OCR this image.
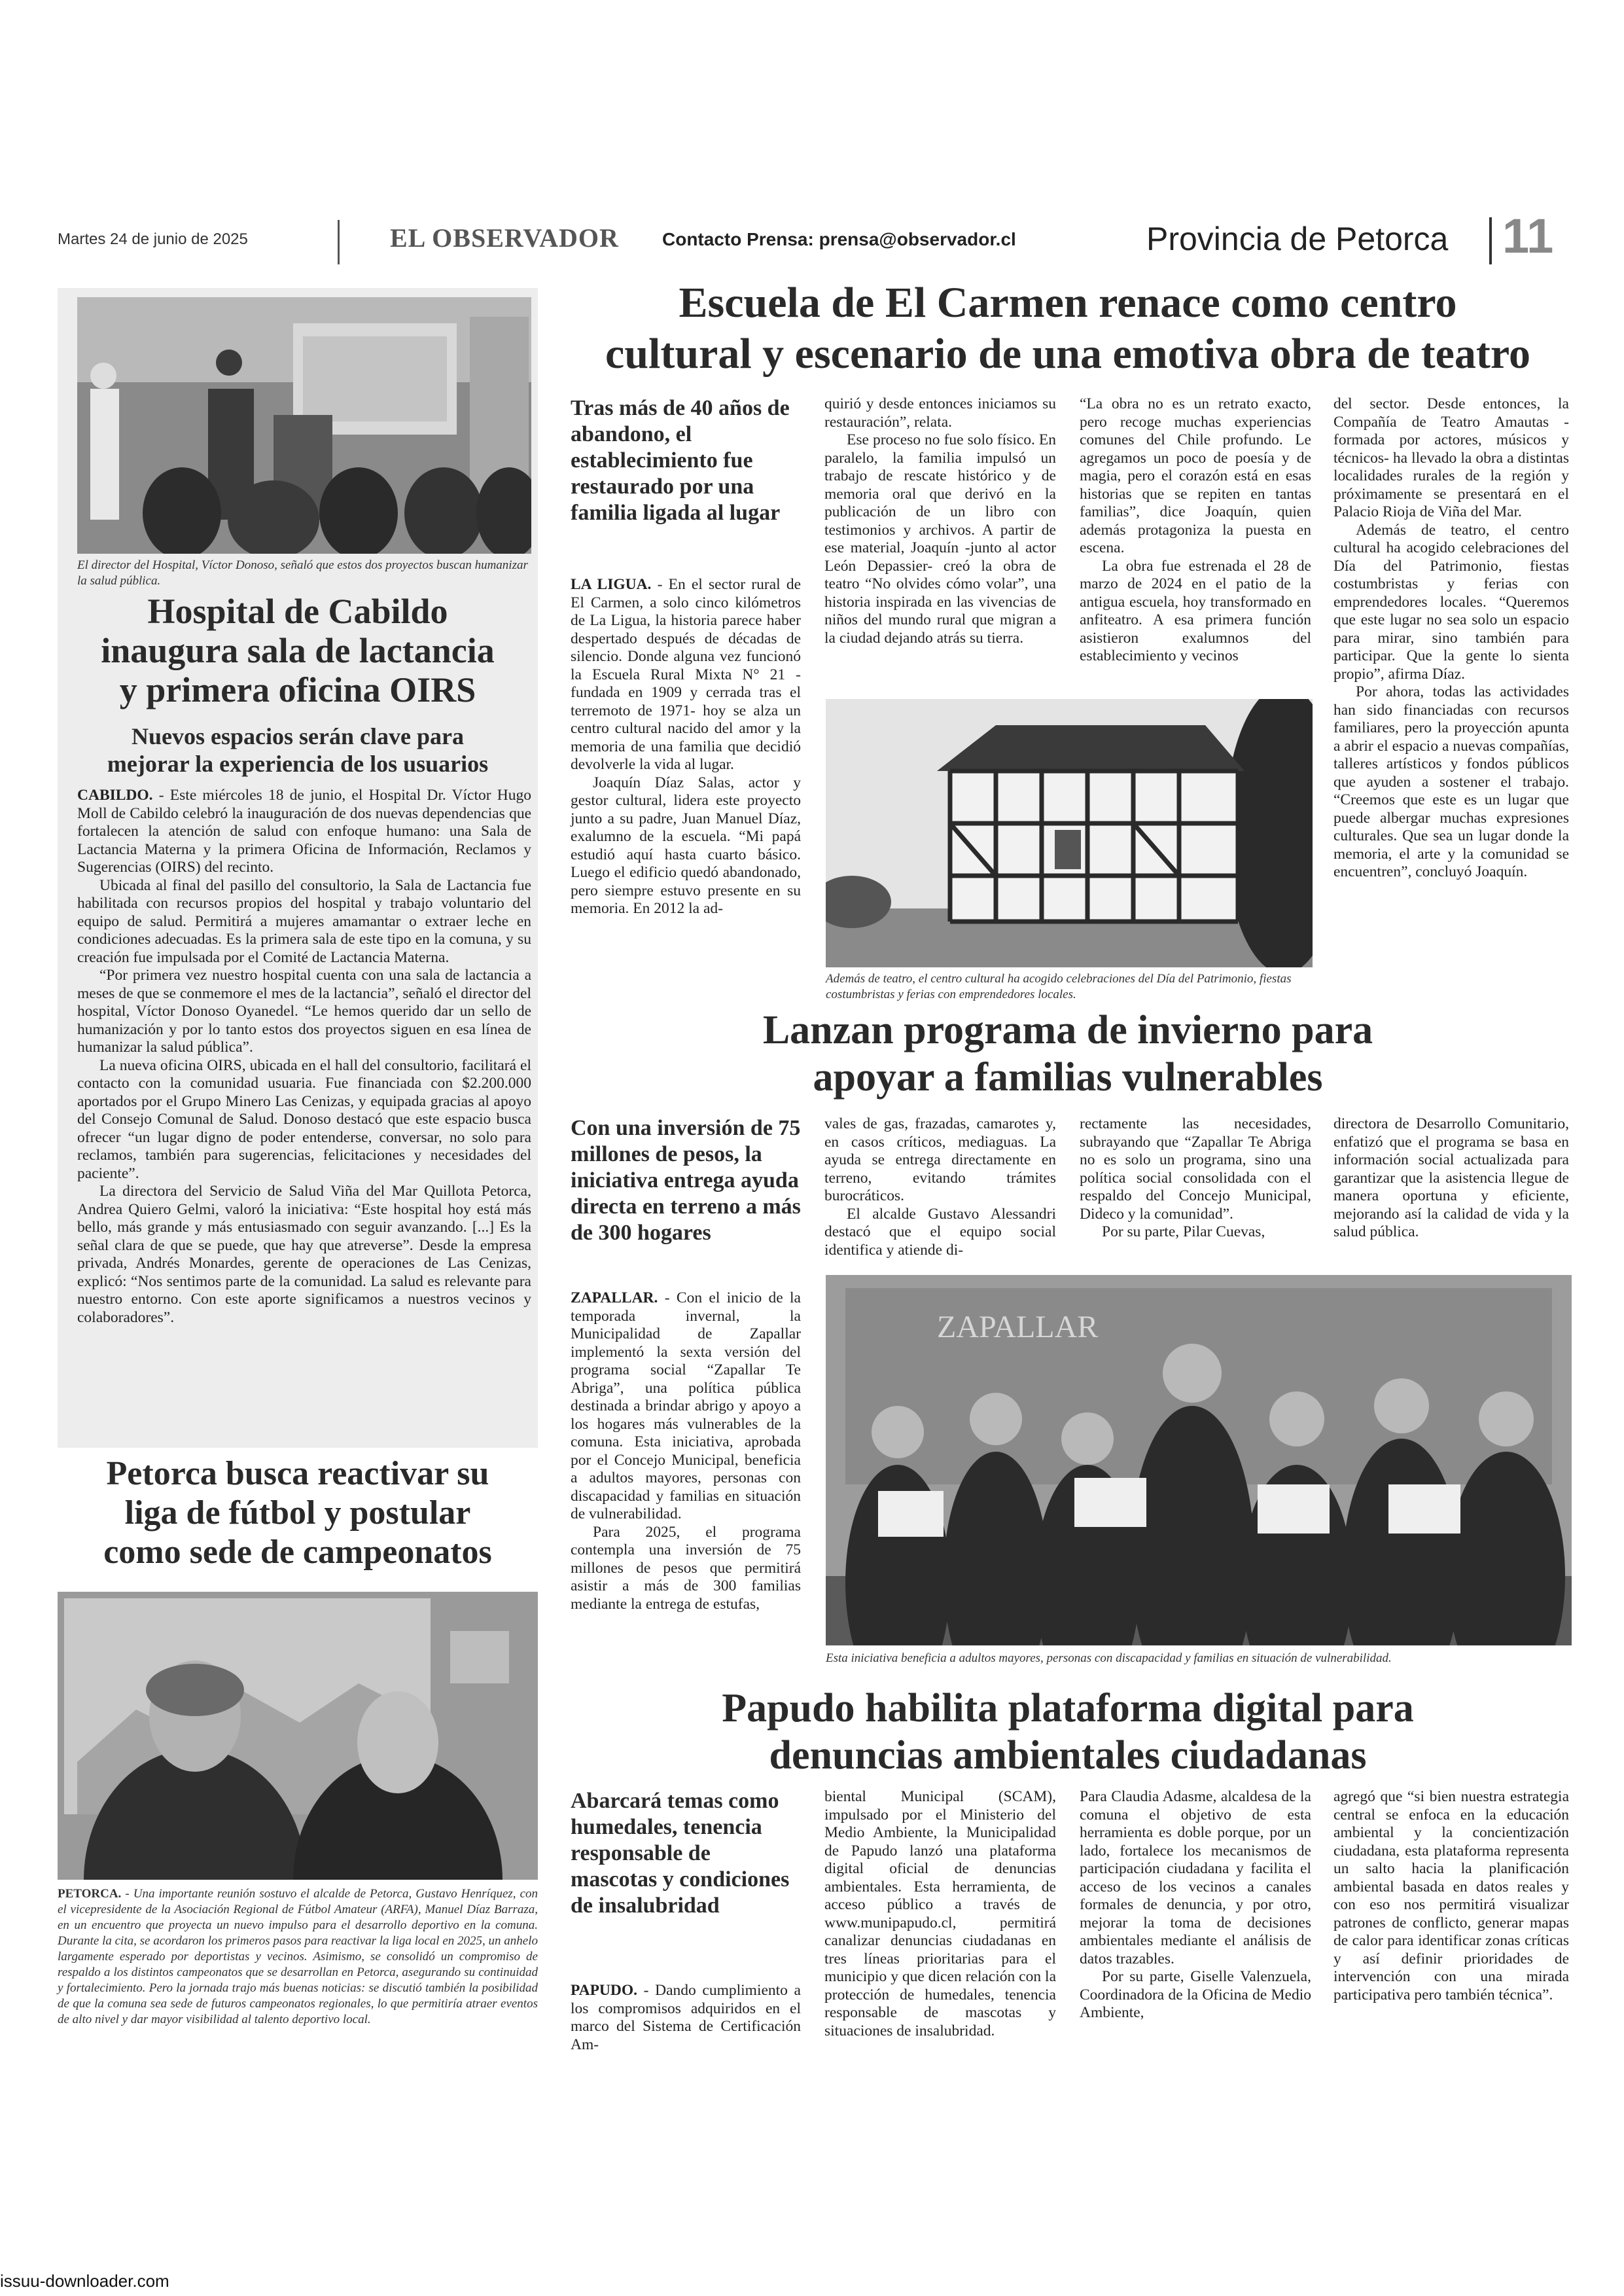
Martes 24 de junio de 2025	EL OBSERVADOR Contacto Prensa: prensa@observador.cl	Provincia de Petorca 11
El director del Hospital, Víctor Donoso, señaló que estos dos proyectos buscan humanizar la salud pública.
Hospital de Cabildo
inaugura sala de lactancia
y primera oficina OIRS
Nuevos espacios serán clave para
mejorar la experiencia de los usuarios

CABILDO. - Este miércoles 18 de junio, el Hospital Dr. Víctor Hugo Moll de Cabildo celebró la inauguración de dos nuevas dependencias que fortalecen la atención de salud con enfoque humano: una Sala de Lactancia Materna y la primera Oficina de Información, Reclamos y Sugerencias (OIRS) del recinto.

Ubicada al final del pasillo del consultorio, la Sala de Lactancia fue habilitada con recursos propios del hospital y trabajo voluntario del equipo de salud. Permitirá a mujeres amamantar o extraer leche en condiciones adecuadas. Es la primera sala de este tipo en la comuna, y su creación fue impulsada por el Comité de Lactancia Materna.

“Por primera vez nuestro hospital cuenta con una sala de lactancia a meses de que se conmemore el mes de la lactancia”, señaló el director del hospital, Víctor Donoso Oyanedel. “Le hemos querido dar un sello de humanización y por lo tanto estos dos proyectos siguen en esa línea de humanizar la salud pública”.

La nueva oficina OIRS, ubicada en el hall del consultorio, facilitará el contacto con la comunidad usuaria. Fue financiada con $2.200.000 aportados por el Grupo Minero Las Cenizas, y equipada gracias al apoyo del Consejo Comunal de Salud. Donoso destacó que este espacio busca ofrecer “un lugar digno de poder entenderse, conversar, no solo para reclamos, también para sugerencias, felicitaciones y necesidades del paciente”.

La directora del Servicio de Salud Viña del Mar Quillota Petorca, Andrea Quiero Gelmi, valoró la iniciativa: “Este hospital hoy está más bello, más grande y más entusiasmado con seguir avanzando. [...] Es la señal clara de que se puede, que hay que atreverse”. Desde la empresa privada, Andrés Monardes, gerente de operaciones de Las Cenizas, explicó: “Nos sentimos parte de la comunidad. La salud es relevante para nuestro entorno. Con este aporte significamos a nuestros vecinos y colaboradores”.

Petorca busca reactivar su
liga de fútbol y postular
como sede de campeonatos
PETORCA. - Una importante reunión sostuvo el alcalde de Petorca, Gustavo Henríquez, con el vicepresidente de la Asociación Regional de Fútbol Amateur (ARFA), Manuel Díaz Barraza, en un encuentro que proyecta un nuevo impulso para el desarrollo deportivo en la comuna. Durante la cita, se acordaron los primeros pasos para reactivar la liga local en 2025, un anhelo largamente esperado por deportistas y vecinos. Asimismo, se consolidó un compromiso de respaldo a los distintos campeonatos que se desarrollan en Petorca, asegurando su continuidad y fortalecimiento. Pero la jornada trajo más buenas noticias: se discutió también la posibilidad de que la comuna sea sede de futuros campeonatos regionales, lo que permitiría atraer eventos de alto nivel y dar mayor visibilidad al talento deportivo local.
Escuela de El Carmen renace como centro
cultural y escenario de una emotiva obra de teatro
Tras más de 40 años de abandono, el establecimiento fue restaurado por una familia ligada al lugar

LA LIGUA. - En el sector rural de El Carmen, a solo cinco kilómetros de La Ligua, la historia parece haber despertado después de décadas de silencio. Donde alguna vez funcionó la Escuela Rural Mixta N° 21 -fundada en 1909 y cerrada tras el terremoto de 1971- hoy se alza un centro cultural nacido del amor y la memoria de una familia que decidió devolverle la vida al lugar.

Joaquín Díaz Salas, actor y gestor cultural, lidera este proyecto junto a su padre, Juan Manuel Díaz, exalumno de la escuela. “Mi papá estudió aquí hasta cuarto básico. Luego el edificio quedó abandonado, pero siempre estuvo presente en su memoria. En 2012 la ad-

quirió y desde entonces iniciamos su restauración”, relata.

Ese proceso no fue solo físico. En paralelo, la familia impulsó un trabajo de rescate histórico y de memoria oral que derivó en la publicación de un libro con testimonios y archivos. A partir de ese material, Joaquín -junto al actor León Depassier- creó la obra de teatro “No olvides cómo volar”, una historia inspirada en las vivencias de niños del mundo rural que migran a la ciudad dejando atrás su tierra.

“La obra no es un retrato exacto, pero recoge muchas experiencias comunes del Chile profundo. Le agregamos un poco de poesía y de magia, pero el corazón está en esas historias que se repiten en tantas familias”, dice Joaquín, quien además protagoniza la puesta en escena.

La obra fue estrenada el 28 de marzo de 2024 en el patio de la antigua escuela, hoy transformado en anfiteatro. A esa primera función asistieron exalumnos del establecimiento y vecinos

del sector. Desde entonces, la Compañía de Teatro Amautas -formada por actores, músicos y técnicos- ha llevado la obra a distintas localidades rurales de la región y próximamente se presentará en el Palacio Rioja de Viña del Mar.

Además de teatro, el centro cultural ha acogido celebraciones del Día del Patrimonio, fiestas costumbristas y ferias con emprendedores locales. “Queremos que este lugar no sea solo un espacio para mirar, sino también para participar. Que la gente lo sienta propio”, afirma Díaz.

Por ahora, todas las actividades han sido financiadas con recursos familiares, pero la proyección apunta a abrir el espacio a nuevas compañías, talleres artísticos y fondos públicos que ayuden a sostener el trabajo. “Creemos que este es un lugar que puede albergar muchas expresiones culturales. Que sea un lugar donde la memoria, el arte y la comunidad se encuentren”, concluyó Joaquín.

Además de teatro, el centro cultural ha acogido celebraciones del Día del Patrimonio, fiestas costumbristas y ferias con emprendedores locales.
Lanzan programa de invierno para
apoyar a familias vulnerables
Con una inversión de 75 millones de pesos, la iniciativa entrega ayuda directa en terreno a más de 300 hogares

ZAPALLAR. - Con el inicio de la temporada invernal, la Municipalidad de Zapallar implementó la sexta versión del programa social “Zapallar Te Abriga”, una política pública destinada a brindar abrigo y apoyo a los hogares más vulnerables de la comuna. Esta iniciativa, aprobada por el Concejo Municipal, beneficia a adultos mayores, personas con discapacidad y familias en situación de vulnerabilidad.

Para 2025, el programa contempla una inversión de 75 millones de pesos que permitirá asistir a más de 300 familias mediante la entrega de estufas,

vales de gas, frazadas, camarotes y, en casos críticos, mediaguas. La ayuda se entrega directamente en terreno, evitando trámites burocráticos.

El alcalde Gustavo Alessandri destacó que el equipo social identifica y atiende di-

rectamente las necesidades, subrayando que “Zapallar Te Abriga no es solo un programa, sino una política social consolidada con el respaldo del Concejo Municipal, Dideco y la comunidad”.

Por su parte, Pilar Cuevas,

directora de Desarrollo Comunitario, enfatizó que el programa se basa en información social actualizada para garantizar que la asistencia llegue de manera oportuna y eficiente, mejorando así la calidad de vida y la salud pública.

ZAPALLAR
Esta iniciativa beneficia a adultos mayores, personas con discapacidad y familias en situación de vulnerabilidad.
Papudo habilita plataforma digital para
denuncias ambientales ciudadanas
Abarcará temas como humedales, tenencia responsable de mascotas y condiciones de insalubridad

PAPUDO. - Dando cumplimiento a los compromisos adquiridos en el marco del Sistema de Certificación Am-

biental Municipal (SCAM), impulsado por el Ministerio del Medio Ambiente, la Municipalidad de Papudo lanzó una plataforma digital oficial de denuncias ambientales. Esta herramienta, de acceso público a través de www.munipapudo.cl, permitirá canalizar denuncias ciudadanas en tres líneas prioritarias para el municipio y que dicen relación con la protección de humedales, tenencia responsable de mascotas y situaciones de insalubridad.

Para Claudia Adasme, alcaldesa de la comuna el objetivo de esta herramienta es doble porque, por un lado, fortalece los mecanismos de participación ciudadana y facilita el acceso de los vecinos a canales formales de denuncia, y por otro, mejorar la toma de decisiones ambientales mediante el análisis de datos trazables.

Por su parte, Giselle Valenzuela, Coordinadora de la Oficina de Medio Ambiente,

agregó que “si bien nuestra estrategia central se enfoca en la educación ambiental y la concientización ciudadana, esta plataforma representa un salto hacia la planificación ambiental basada en datos reales y con eso nos permitirá visualizar patrones de conflicto, generar mapas de calor para identificar zonas críticas y así definir prioridades de intervención con una mirada participativa pero también técnica”.

issuu-downloader.com
